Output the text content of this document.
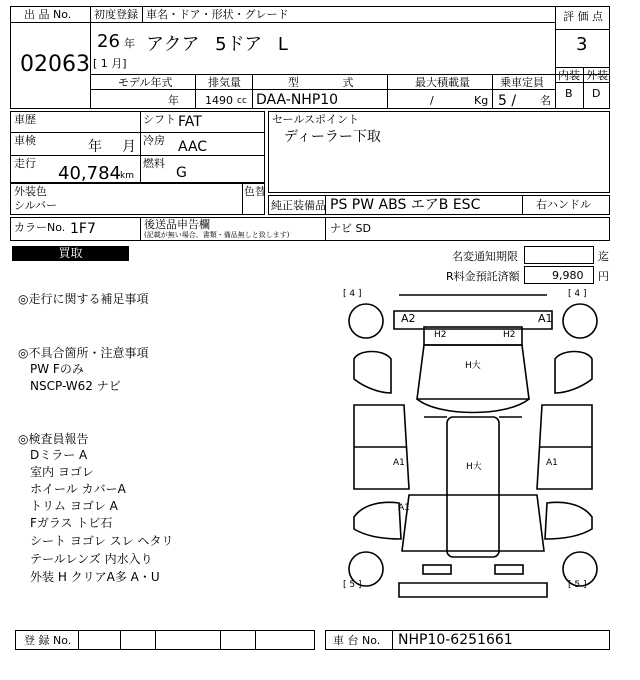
出 品 No.
02063
初度登録
26 年
[ 1 月]
車名・ドア・形状・グレード
アクア 5ドア L
評 価 点
3
内装 外装
B D
モデル年式
年
排気量
1490 cc
型 式
DAA-NHP10
最大積載量
/	Kg
乗車定員
5 / 名
車歴
車検	年 月
走行 40,784 km
シフト FAT
冷房 AAC
燃料
G
セールスポイント
ディーラー下取
外装色
シルバー
色替
純正装備品 PS PW ABS エアB ESC	右ハンドル
カラーNo. 1F7	後送品申告欄
(記載が無い場合、書類・備品無しと致します)	ナビ SD
買取	名変通知期限	迄
R料金預託済額	9,980 円
◎走行に関する補足事項
◎不具合箇所・注意事項
PW Fのみ
NSCP-W62 ナビ
◎検査員報告
Dミラー A
室内 ヨゴレ
ホイール カバーA
トリム ヨゴレ A
Fガラス トビ石
シート ヨゴレ スレ ヘタリ
テールレンズ 内水入り
外装 H クリアA多 A・U
[ 4 ]	[ 4 ]
[ 5 ]	[ 5 ]
A2	A1
H2	H2
H大
A1	H大	A1
A1
登 録 No.	車 台 No. NHP10-6251661
